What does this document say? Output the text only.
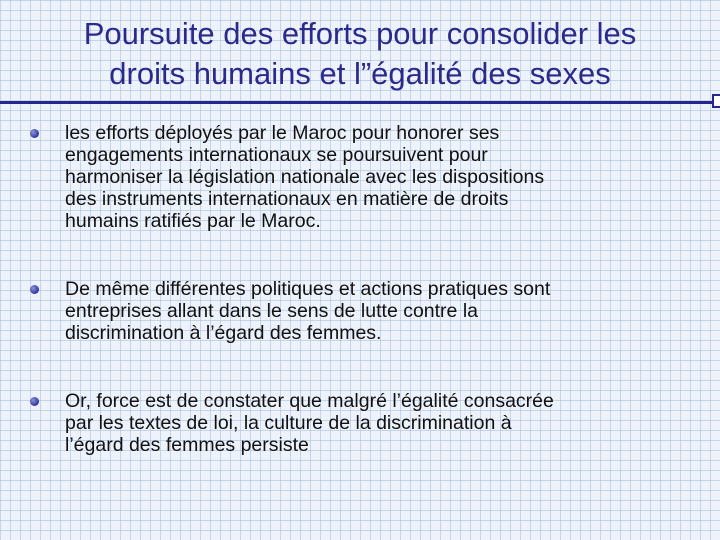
Poursuite des efforts pour consolider les
droits humains et l”égalité des sexes
les efforts déployés par le Maroc pour honorer ses
engagements internationaux se poursuivent pour
harmoniser la législation nationale avec les dispositions
des instruments internationaux en matière de droits
humains ratifiés par le Maroc.
De même différentes politiques et actions pratiques sont
entreprises allant dans le sens de lutte contre la
discrimination à l’égard des femmes.
Or, force est de constater que malgré l’égalité consacrée
par les textes de loi, la culture de la discrimination à
l’égard des femmes persiste
